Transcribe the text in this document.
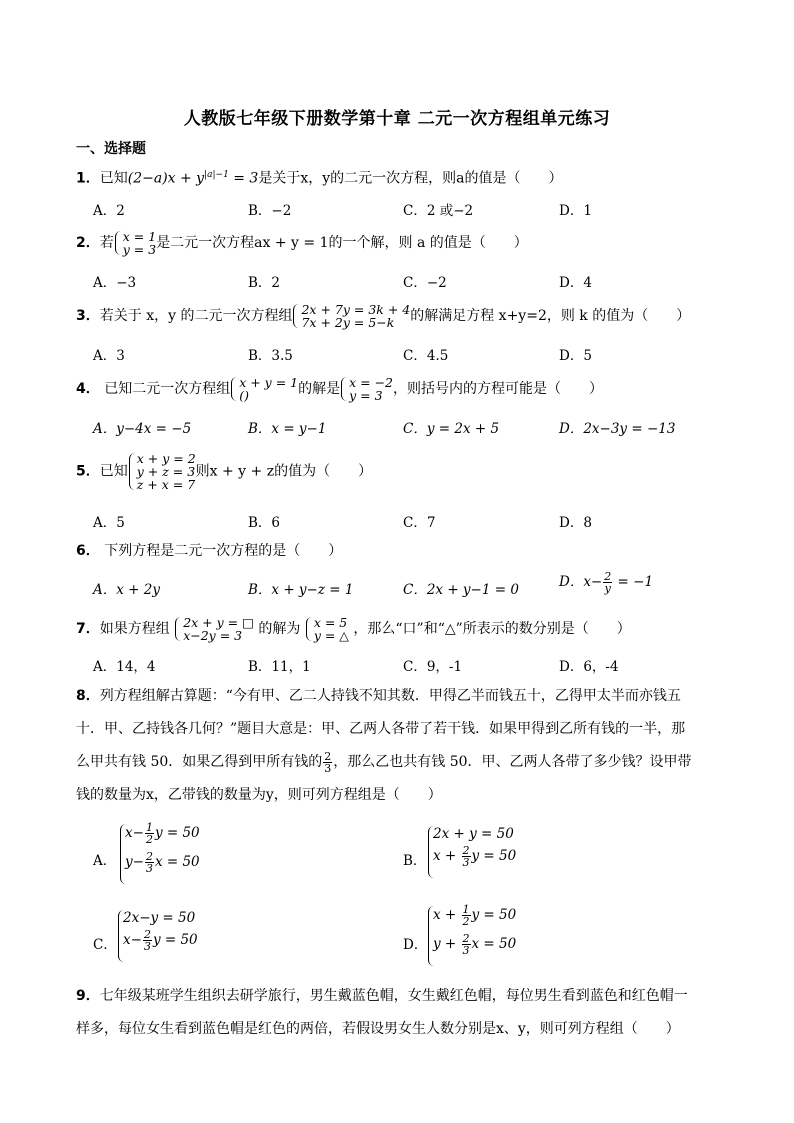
人教版七年级下册数学第十章 二元一次方程组单元练习
一、选择题
1．已知$(2-a)x + y^{|a|-1} = 3$是关于x，y的二元一次方程，则a的值是（　　）
A．2	B．−2	C．2 或−2	D．1
2．若 x = 1
y = 3 是二元一次方程ax + y = 1的一个解，则 a 的值是（　　）
A．−3	B．2	C．−2	D．4
3．若关于 x，y 的二元一次方程组 2x + 7y = 3k + 4
7x + 2y = 5−k	的解满足方程 x+y=2，则 k 的值为（　　）
A．3	B．3.5	C．4.5	D．5
4． 已知二元一次方程组 x + y = 1
()	的解是 x = −2
y = 3 ，则括号内的方程可能是（　　）
A．y−4x = −5	B．x = y−1	C．y = 2x + 5	D．2x−3y = −13
5．已知
x + y = 2
y + z = 3
z + x = 7
则x + y + z的值为（　　）
A．5	B．6	C．7	D．8
6． 下列方程是二元一次方程的是（　　）
A．x + 2y	B．x + y−z = 1	C．2x + y−1 = 0	D．$x- \frac{2}{y} = -1$
7．如果方程组 2x + y = □
x−2y = 3 的解为 x = 5
y = △ ，那么“口”和“△”所表示的数分别是（　　）
A．14，4	B．11，1	C．9，-1	D．6，-4
8．列方程组解古算题：“今有甲、乙二人持钱不知其数．甲得乙半而钱五十，乙得甲太半而亦钱五
十．甲、乙持钱各几何？”题目大意是：甲、乙两人各带了若干钱．如果甲得到乙所有钱的一半，那
么甲共有钱 50．如果乙得到甲所有钱的 $\frac{2}{3}$ ，那么乙也共有钱 50．甲、乙两人各带了多少钱？设甲带
钱的数量为x，乙带钱的数量为y，则可列方程组是（　　）
A．
$x- \frac{1}{2}$ y = 50
$y- \frac{2}{3}$ x = 50	B．
2x + y = 50
$x + \frac{2}{3}$ y = 50
C．
2x−y = 50
$x- \frac{2}{3}$ y = 50	D．
$x + \frac{1}{2}$ y = 50
$y + \frac{2}{3}$ x = 50
9．七年级某班学生组织去研学旅行，男生戴蓝色帽，女生戴红色帽，每位男生看到蓝色和红色帽一
样多，每位女生看到蓝色帽是红色的两倍，若假设男女生人数分别是x、y，则可列方程组（　　）
